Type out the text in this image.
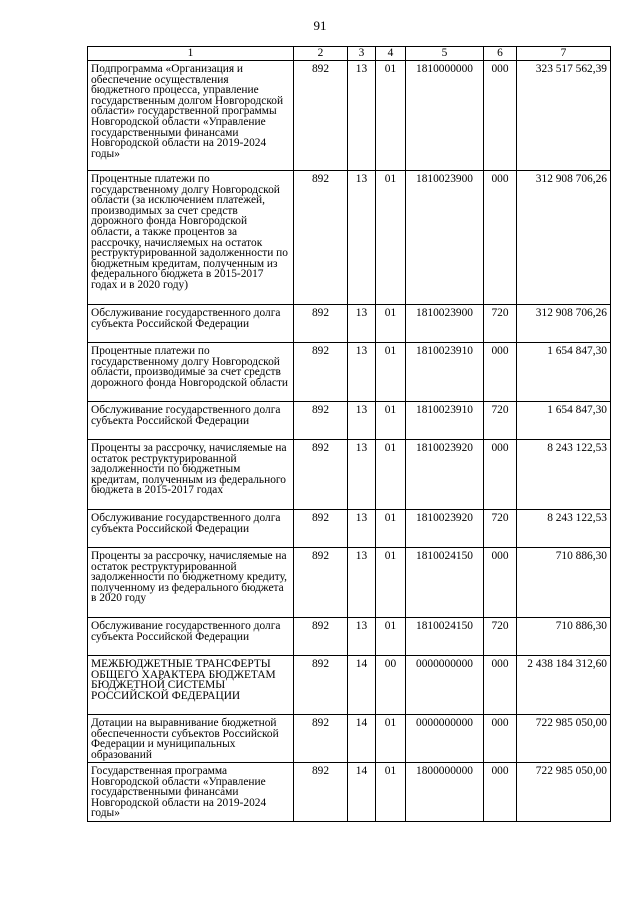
91
1	2	3	4	5	6	7
Подпрограмма «Организация и обеспечение осуществления бюджетного процесса, управление государственным долгом Новгородской области» государственной программы Новгородской области «Управление государственными финансами Новгородской области на 2019-2024 годы»	892	13	01	1810000000	000	323 517 562,39
Процентные платежи по государственному долгу Новгородской области (за исключением платежей, производимых за счет средств дорожного фонда Новгородской области, а также процентов за рассрочку, начисляемых на остаток реструктурированной задолженности по бюджетным кредитам, полученным из федерального бюджета в 2015-2017 годах и в 2020 году)	892	13	01	1810023900	000	312 908 706,26
Обслуживание государственного долга субъекта Российской Федерации	892	13	01	1810023900	720	312 908 706,26
Процентные платежи по государственному долгу Новгородской области, производимые за счет средств дорожного фонда Новгородской области	892	13	01	1810023910	000	1 654 847,30
Обслуживание государственного долга субъекта Российской Федерации	892	13	01	1810023910	720	1 654 847,30
Проценты за рассрочку, начисляемые на остаток реструктурированной задолженности по бюджетным кредитам, полученным из федерального бюджета в 2015-2017 годах	892	13	01	1810023920	000	8 243 122,53
Обслуживание государственного долга субъекта Российской Федерации	892	13	01	1810023920	720	8 243 122,53
Проценты за рассрочку, начисляемые на остаток реструктурированной задолженности по бюджетному кредиту, полученному из федерального бюджета в 2020 году	892	13	01	1810024150	000	710 886,30
Обслуживание государственного долга субъекта Российской Федерации	892	13	01	1810024150	720	710 886,30
МЕЖБЮДЖЕТНЫЕ ТРАНСФЕРТЫ ОБЩЕГО ХАРАКТЕРА БЮДЖЕТАМ БЮДЖЕТНОЙ СИСТЕМЫ РОССИЙСКОЙ ФЕДЕРАЦИИ	892	14	00	0000000000	000	2 438 184 312,60
Дотации на выравнивание бюджетной обеспеченности субъектов Российской Федерации и муниципальных образований	892	14	01	0000000000	000	722 985 050,00
Государственная программа Новгородской области «Управление государственными финансами Новгородской области на 2019-2024 годы»	892	14	01	1800000000	000	722 985 050,00
